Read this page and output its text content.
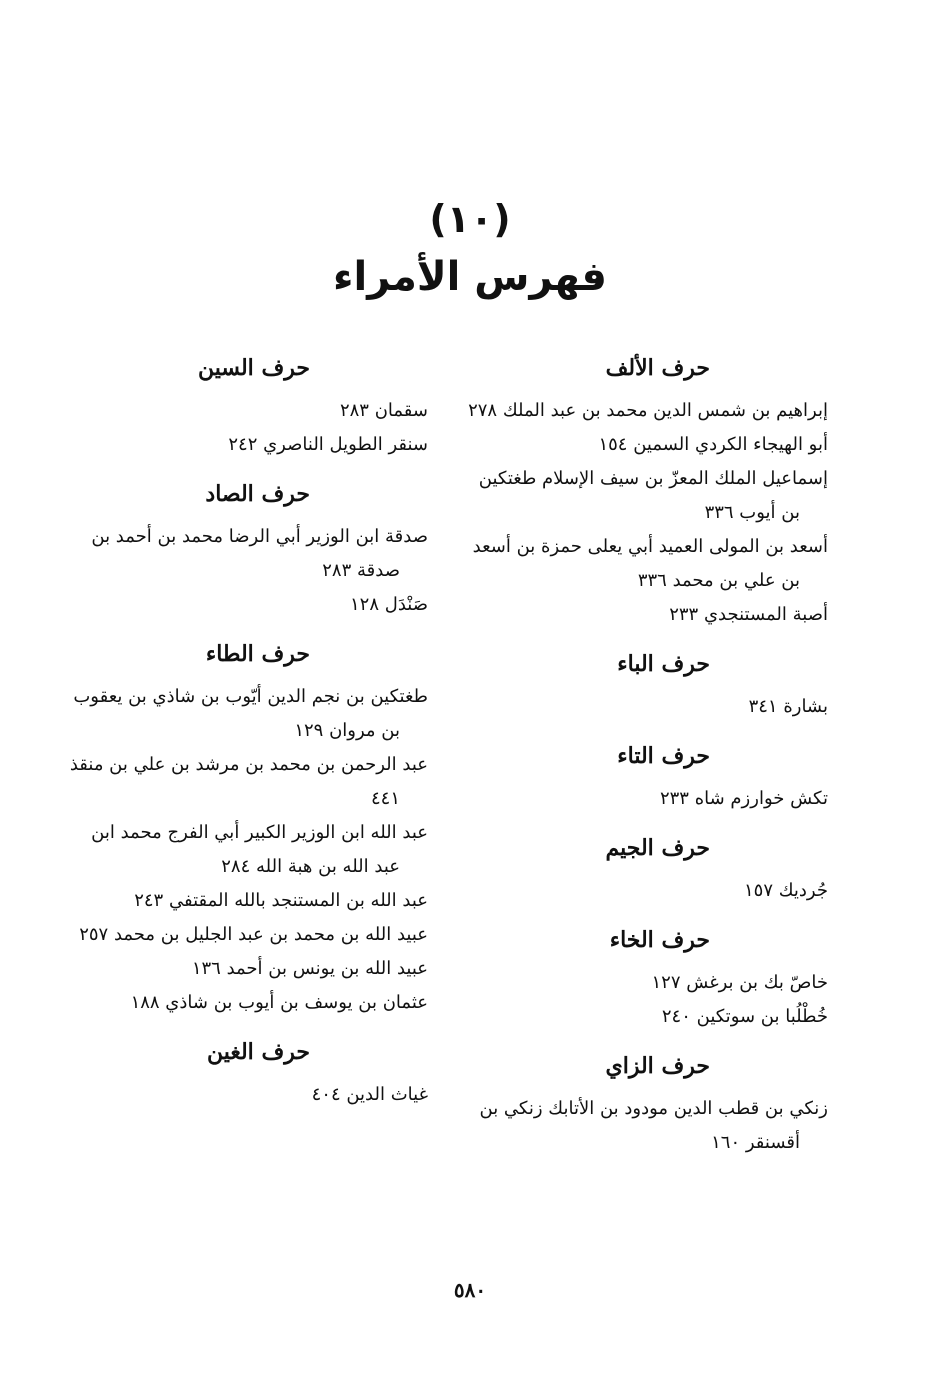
(١٠)
فهرس الأمراء
حرف الألف

إبراهيم بن شمس الدين محمد بن عبد الملك ٢٧٨

أبو الهيجاء الكردي السمين ١٥٤

إسماعيل الملك المعزّ بن سيف الإسلام طغتكين بن أيوب ٣٣٦

أسعد بن المولى العميد أبي يعلى حمزة بن أسعد بن علي بن محمد ٣٣٦

أصبة المستنجدي ٢٣٣

حرف الباء

بشارة ٣٤١

حرف التاء

تكش خوارزم شاه ٢٣٣

حرف الجيم

جُرديك ١٥٧

حرف الخاء

خاصّ بك بن برغش ١٢٧

خُطْلُبا بن سوتكين ٢٤٠

حرف الزاي

زنكي بن قطب الدين مودود بن الأتابك زنكي بن أقسنقر ١٦٠

حرف السين

سقمان ٢٨٣

سنقر الطويل الناصري ٢٤٢

حرف الصاد

صدقة ابن الوزير أبي الرضا محمد بن أحمد بن صدقة ٢٨٣

صَنْدَل ١٢٨

حرف الطاء

طغتكين بن نجم الدين أيّوب بن شاذي بن يعقوب بن مروان ١٢٩

عبد الرحمن بن محمد بن مرشد بن علي بن منقذ ٤٤١

عبد الله ابن الوزير الكبير أبي الفرج محمد ابن عبد الله بن هبة الله ٢٨٤

عبد الله بن المستنجد بالله المقتفي ٢٤٣

عبيد الله بن محمد بن عبد الجليل بن محمد ٢٥٧

عبيد الله بن يونس بن أحمد ١٣٦

عثمان بن يوسف بن أيوب بن شاذي ١٨٨

حرف الغين

غياث الدين ٤٠٤

٥٨٠
